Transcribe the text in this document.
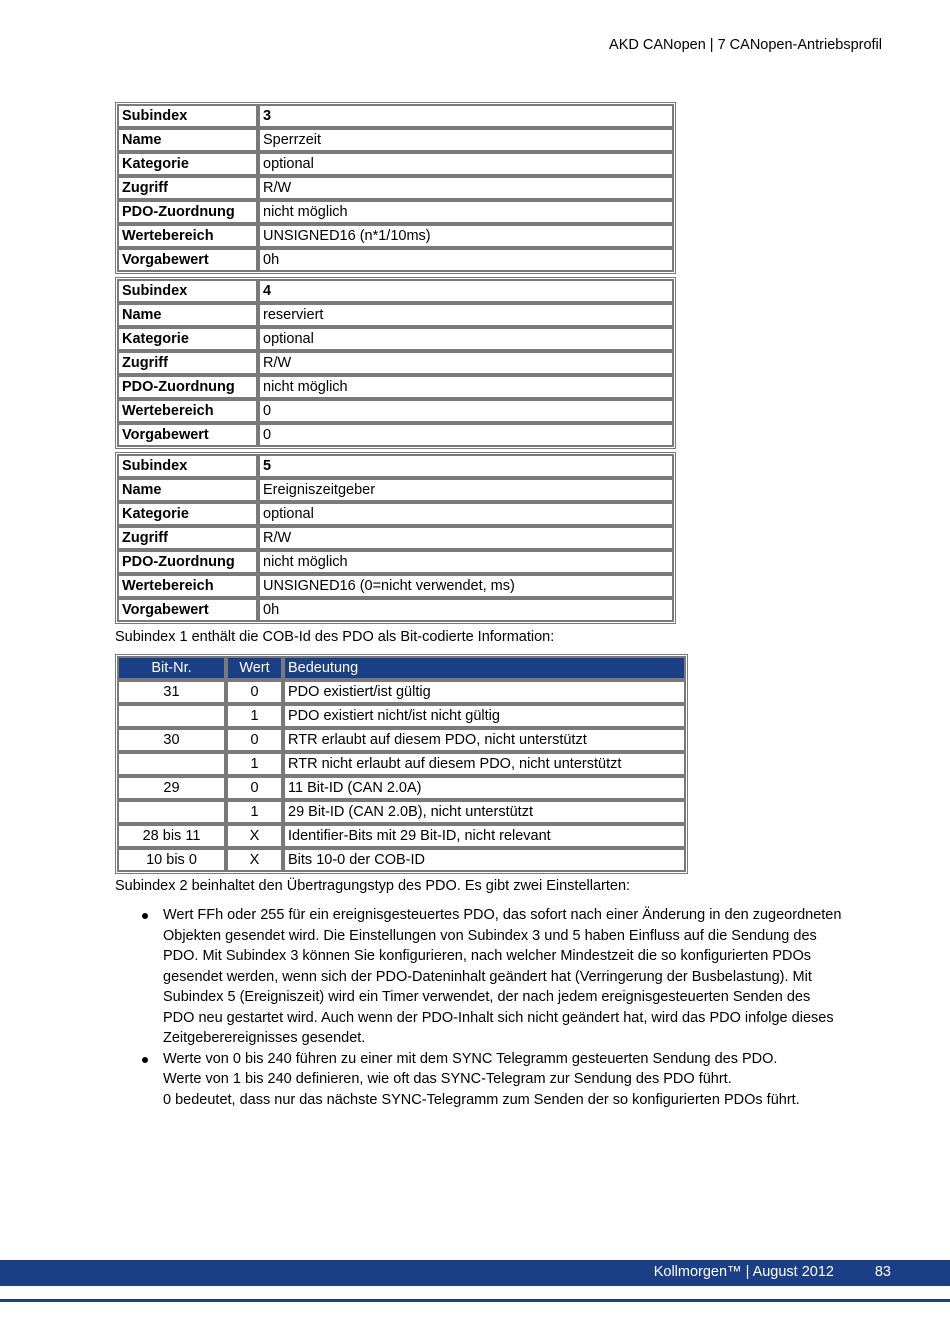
AKD CANopen | 7 CANopen-Antriebsprofil
Subindex	3
Name	Sperrzeit
Kategorie	optional
Zugriff	R/W
PDO-Zuordnung	nicht möglich
Wertebereich	UNSIGNED16 (n*1/10ms)
Vorgabewert	0h
Subindex	4
Name	reserviert
Kategorie	optional
Zugriff	R/W
PDO-Zuordnung	nicht möglich
Wertebereich	0
Vorgabewert	0
Subindex	5
Name	Ereigniszeitgeber
Kategorie	optional
Zugriff	R/W
PDO-Zuordnung	nicht möglich
Wertebereich	UNSIGNED16 (0=nicht verwendet, ms)
Vorgabewert	0h
Subindex 1 enthält die COB-Id des PDO als Bit-codierte Information:
Bit-Nr.	Wert	Bedeutung
31	0	PDO existiert/ist gültig
	1	PDO existiert nicht/ist nicht gültig
30	0	RTR erlaubt auf diesem PDO, nicht unterstützt
	1	RTR nicht erlaubt auf diesem PDO, nicht unterstützt
29	0	11 Bit-ID (CAN 2.0A)
	1	29 Bit-ID (CAN 2.0B), nicht unterstützt
28 bis 11	X	Identifier-Bits mit 29 Bit-ID, nicht relevant
10 bis 0	X	Bits 10-0 der COB-ID
Subindex 2 beinhaltet den Übertragungstyp des PDO. Es gibt zwei Einstellarten:
Wert FFh oder 255 für ein ereignisgesteuertes PDO, das sofort nach einer Änderung in den zugeordneten
Objekten gesendet wird. Die Einstellungen von Subindex 3 und 5 haben Einfluss auf die Sendung des
PDO. Mit Subindex 3 können Sie konfigurieren, nach welcher Mindestzeit die so konfigurierten PDOs
gesendet werden, wenn sich der PDO-Dateninhalt geändert hat (Verringerung der Busbelastung). Mit
Subindex 5 (Ereigniszeit) wird ein Timer verwendet, der nach jedem ereignisgesteuerten Senden des
PDO neu gestartet wird. Auch wenn der PDO-Inhalt sich nicht geändert hat, wird das PDO infolge dieses
Zeitgeberereignisses gesendet.
Werte von 0 bis 240 führen zu einer mit dem SYNC Telegramm gesteuerten Sendung des PDO.
Werte von 1 bis 240 definieren, wie oft das SYNC-Telegram zur Sendung des PDO führt.
0 bedeutet, dass nur das nächste SYNC-Telegramm zum Senden der so konfigurierten PDOs führt.
Kollmorgen™ | August 2012	83
